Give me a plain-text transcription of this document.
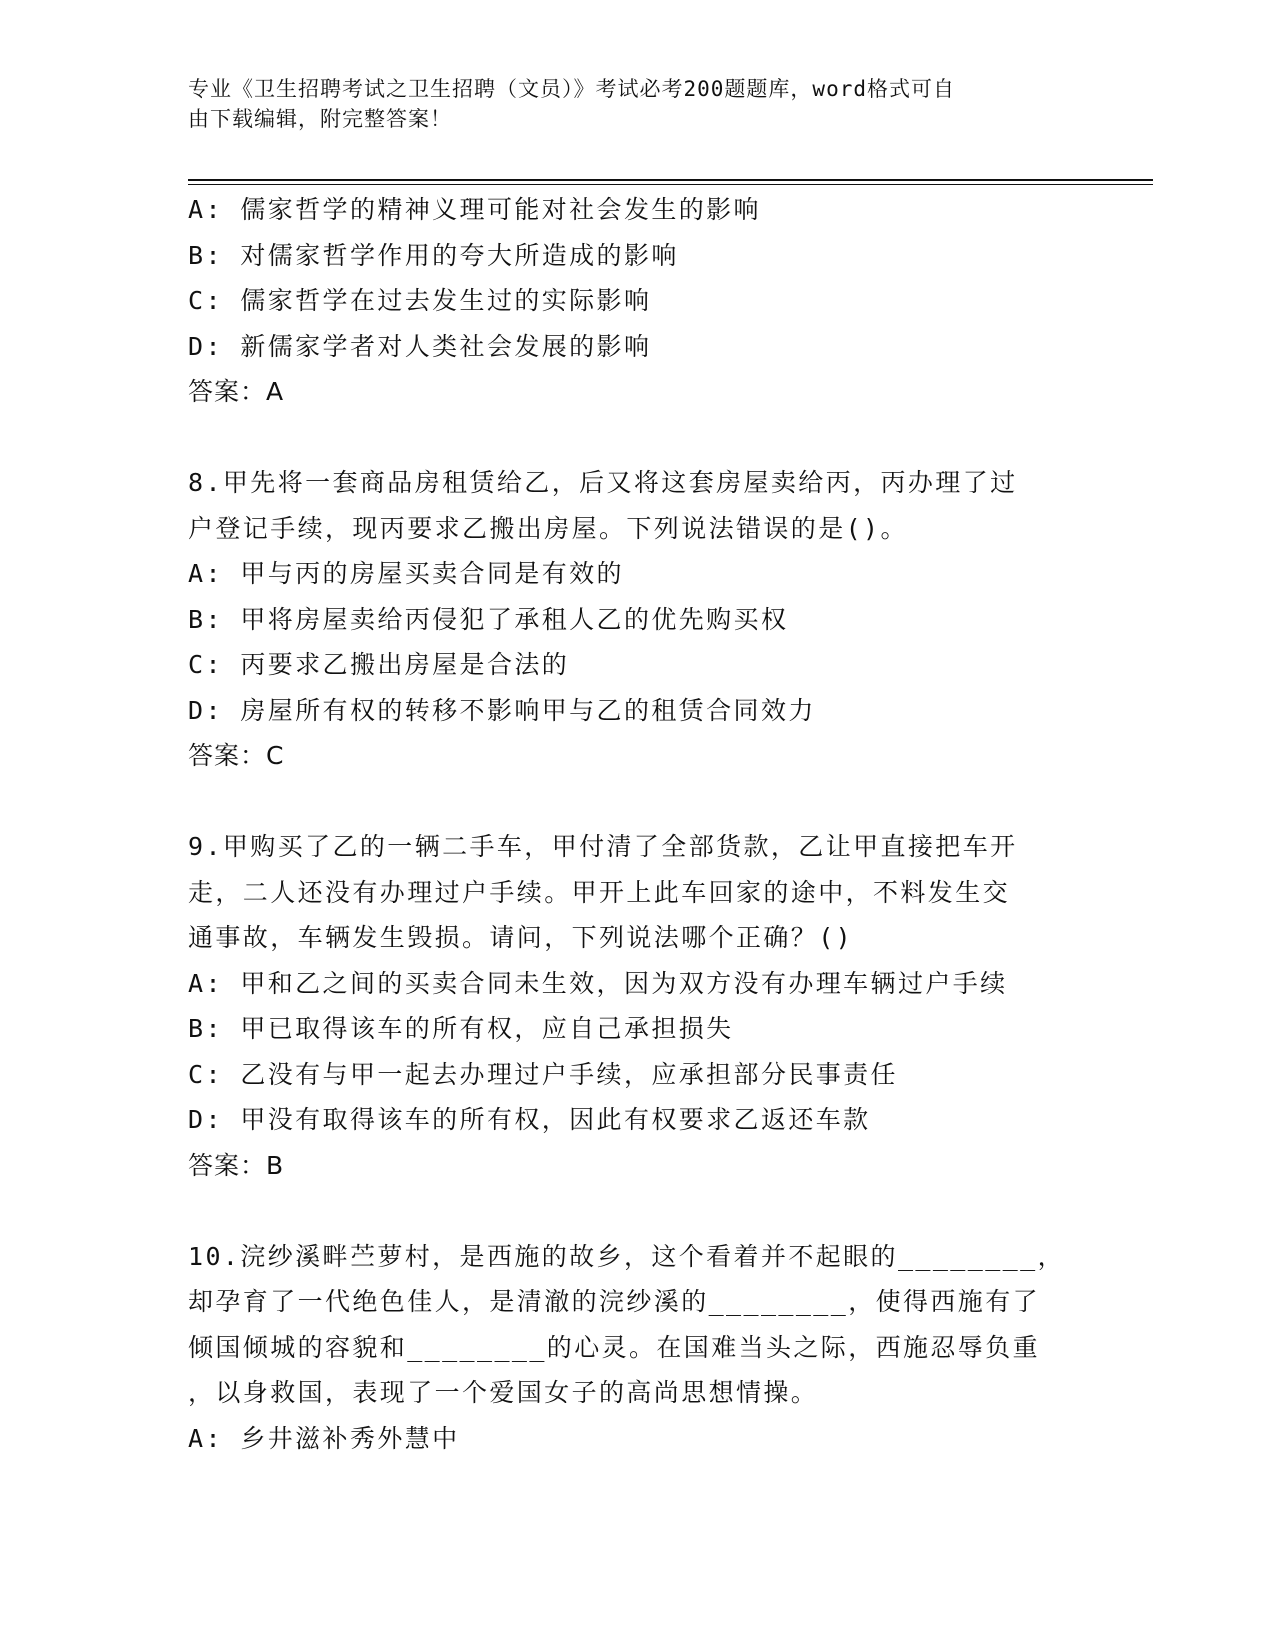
专业《卫生招聘考试之卫生招聘（文员）》考试必考200题题库，word格式可自
由下载编辑，附完整答案！
A: 儒家哲学的精神义理可能对社会发生的影响
B: 对儒家哲学作用的夸大所造成的影响
C: 儒家哲学在过去发生过的实际影响
D: 新儒家学者对人类社会发展的影响
答案：A
8.甲先将一套商品房租赁给乙，后又将这套房屋卖给丙，丙办理了过
户登记手续，现丙要求乙搬出房屋。下列说法错误的是()。
A: 甲与丙的房屋买卖合同是有效的
B: 甲将房屋卖给丙侵犯了承租人乙的优先购买权
C: 丙要求乙搬出房屋是合法的
D: 房屋所有权的转移不影响甲与乙的租赁合同效力
答案：C
9.甲购买了乙的一辆二手车，甲付清了全部货款，乙让甲直接把车开
走，二人还没有办理过户手续。甲开上此车回家的途中，不料发生交
通事故，车辆发生毁损。请问，下列说法哪个正确？()
A: 甲和乙之间的买卖合同未生效，因为双方没有办理车辆过户手续
B: 甲已取得该车的所有权，应自己承担损失
C: 乙没有与甲一起去办理过户手续，应承担部分民事责任
D: 甲没有取得该车的所有权，因此有权要求乙返还车款
答案：B
10.浣纱溪畔苎萝村，是西施的故乡，这个看着并不起眼的________，
却孕育了一代绝色佳人，是清澈的浣纱溪的________，使得西施有了
倾国倾城的容貌和________的心灵。在国难当头之际，西施忍辱负重
，以身救国，表现了一个爱国女子的高尚思想情操。
A: 乡井滋补秀外慧中
